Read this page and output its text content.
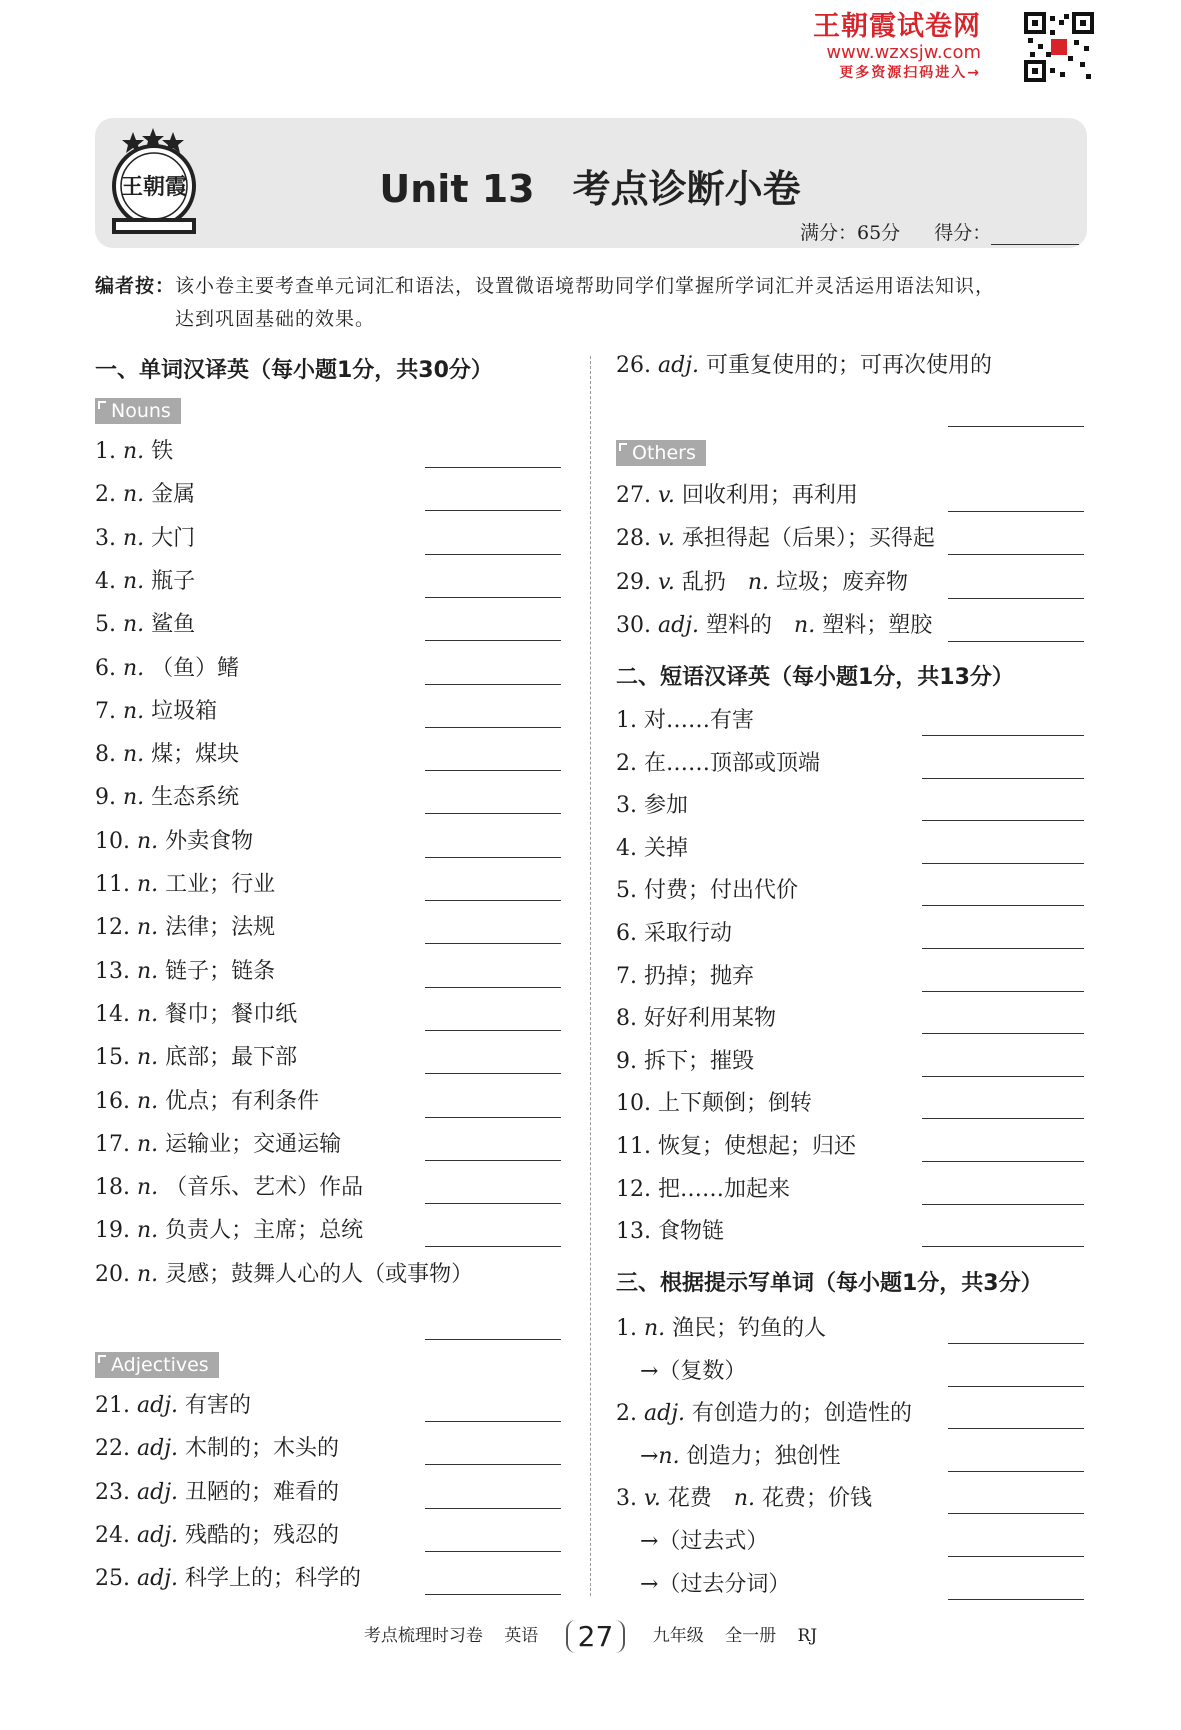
王朝霞试卷网
www.wzxsjw.com
更多资源扫码进入→
王朝霞	Unit 13　考点诊断小卷
满分：65分 得分：
编者按：该小卷主要考查单元词汇和语法，设置微语境帮助同学们掌握所学词汇并灵活运用语法知识，
达到巩固基础的效果。
一、单词汉译英（每小题1分，共30分）
二、短语汉译英（每小题1分，共13分）
三、根据提示写单词（每小题1分，共3分）
Nouns
Adjectives
Others
1. n. 铁
2. n. 金属
3. n. 大门
4. n. 瓶子
5. n. 鲨鱼
6. n. （鱼）鳍
7. n. 垃圾箱
8. n. 煤；煤块
9. n. 生态系统
10. n. 外卖食物
11. n. 工业；行业
12. n. 法律；法规
13. n. 链子；链条
14. n. 餐巾；餐巾纸
15. n. 底部；最下部
16. n. 优点；有利条件
17. n. 运输业；交通运输
18. n. （音乐、艺术）作品
19. n. 负责人；主席；总统
20. n. 灵感；鼓舞人心的人（或事物）
21. adj. 有害的
22. adj. 木制的；木头的
23. adj. 丑陋的；难看的
24. adj. 残酷的；残忍的
25. adj. 科学上的；科学的
26. adj. 可重复使用的；可再次使用的
27. v. 回收利用；再利用
28. v. 承担得起（后果）；买得起
29. v. 乱扔　n. 垃圾；废弃物
30. adj. 塑料的　n. 塑料；塑胶
1. 对……有害
2. 在……顶部或顶端
3. 参加
4. 关掉
5. 付费；付出代价
6. 采取行动
7. 扔掉；抛弃
8. 好好利用某物
9. 拆下；摧毁
10. 上下颠倒；倒转
11. 恢复；使想起；归还
12. 把……加起来
13. 食物链
1. n. 渔民；钓鱼的人
→（复数）
2. adj. 有创造力的；创造性的
→n. 创造力；独创性
3. v. 花费　n. 花费；价钱
→（过去式）
→（过去分词）
考点梳理时习卷 英语 27 九年级 全一册 RJ
